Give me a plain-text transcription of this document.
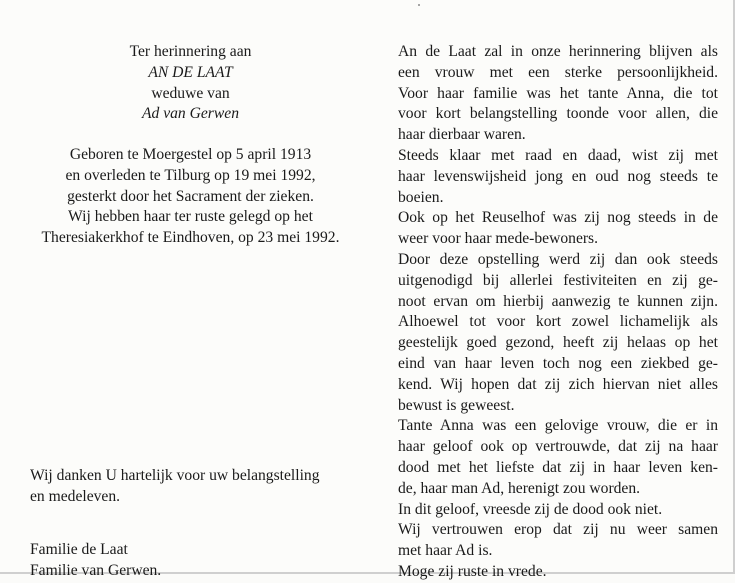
Ter herinnering aan
AN DE LAAT
weduwe van
Ad van Gerwen
Geboren te Moergestel op 5 april 1913
en overleden te Tilburg op 19 mei 1992,
gesterkt door het Sacrament der zieken.
Wij hebben haar ter ruste gelegd op het
Theresiakerkhof te Eindhoven, op 23 mei 1992.
Wij danken U hartelijk voor uw belangstelling
en medeleven.
Familie de Laat
Familie van Gerwen.
An de Laat zal in onze herinnering blijven als
een vrouw met een sterke persoonlijkheid.
Voor haar familie was het tante Anna, die tot
voor kort belangstelling toonde voor allen, die
haar dierbaar waren.
Steeds klaar met raad en daad, wist zij met
haar levenswijsheid jong en oud nog steeds te
boeien.
Ook op het Reuselhof was zij nog steeds in de
weer voor haar mede-bewoners.
Door deze opstelling werd zij dan ook steeds
uitgenodigd bij allerlei festiviteiten en zij ge-
noot ervan om hierbij aanwezig te kunnen zijn.
Alhoewel tot voor kort zowel lichamelijk als
geestelijk goed gezond, heeft zij helaas op het
eind van haar leven toch nog een ziekbed ge-
kend. Wij hopen dat zij zich hiervan niet alles
bewust is geweest.
Tante Anna was een gelovige vrouw, die er in
haar geloof ook op vertrouwde, dat zij na haar
dood met het liefste dat zij in haar leven ken-
de, haar man Ad, herenigt zou worden.
In dit geloof, vreesde zij de dood ook niet.
Wij vertrouwen erop dat zij nu weer samen
met haar Ad is.
Moge zij ruste in vrede.
